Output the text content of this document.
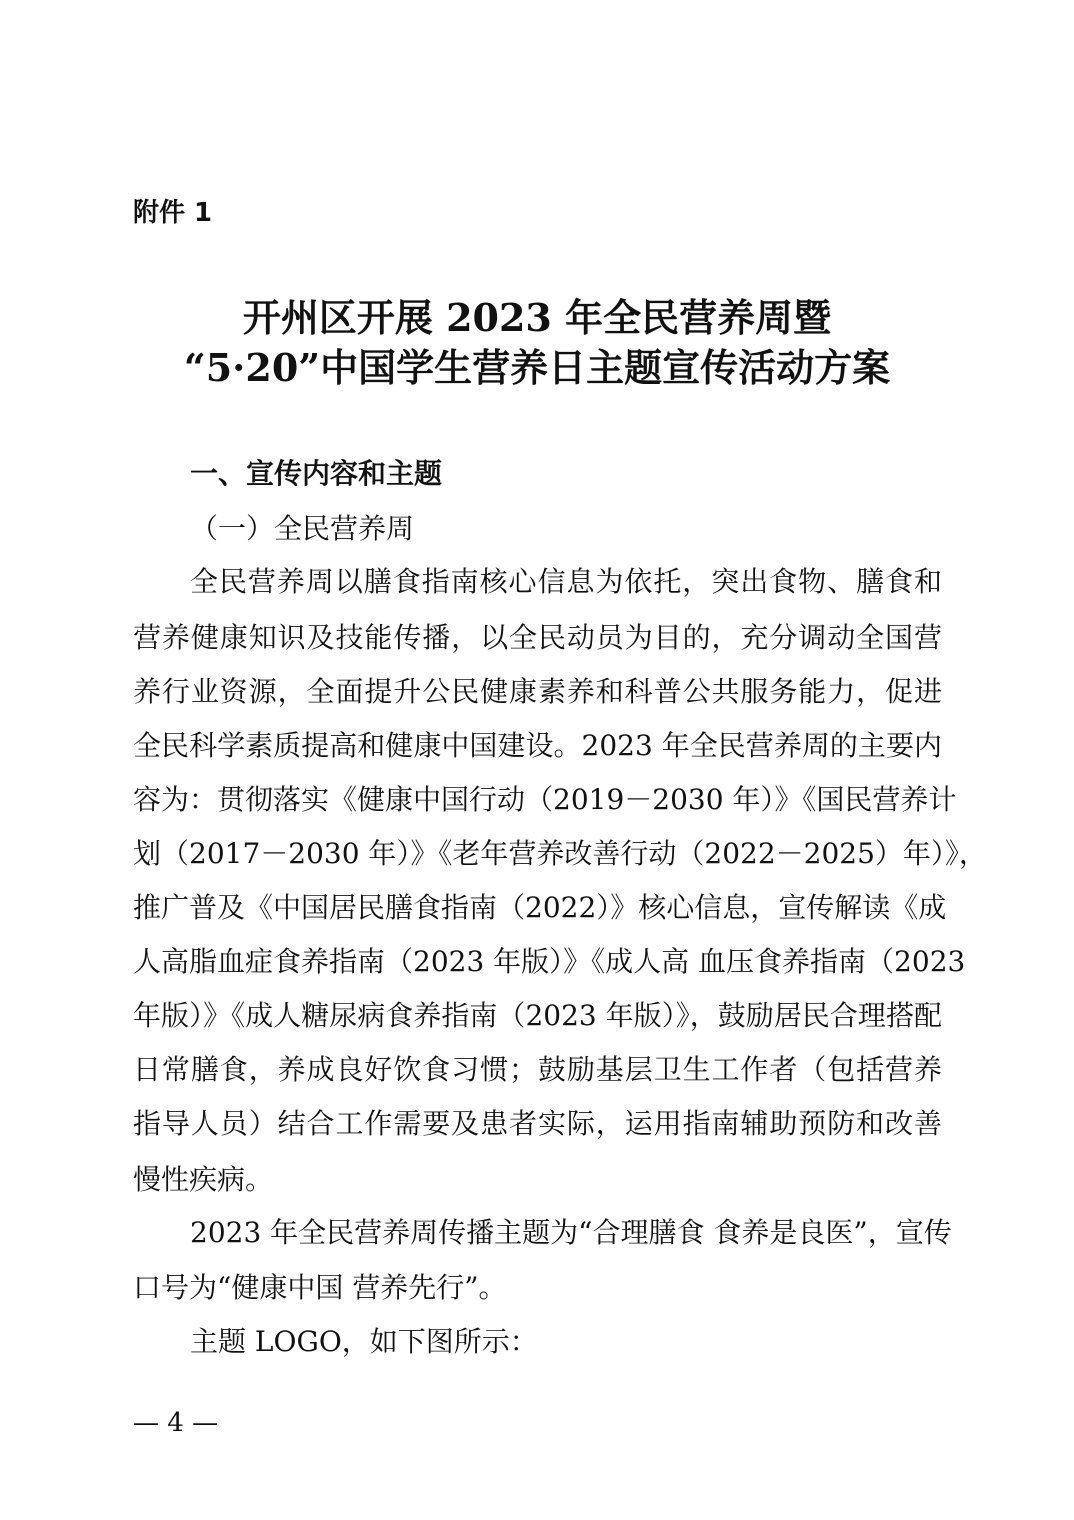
附件 1
开州区开展 2023 年全民营养周暨
“5·20”中国学生营养日主题宣传活动方案
一、宣传内容和主题
（一）全民营养周
全民营养周以膳食指南核心信息为依托，突出食物、膳食和
营养健康知识及技能传播，以全民动员为目的，充分调动全国营
养行业资源，全面提升公民健康素养和科普公共服务能力，促进
全民科学素质提高和健康中国建设。2023 年全民营养周的主要内
容为：贯彻落实《健康中国行动（2019－2030 年）》《国民营养计
划（2017－2030 年）》《老年营养改善行动（2022－2025）年）》，
推广普及《中国居民膳食指南（2022）》核心信息，宣传解读《成
人高脂血症食养指南（2023 年版）》《成人高 血压食养指南（2023
年版）》《成人糖尿病食养指南（2023 年版）》，鼓励居民合理搭配
日常膳食，养成良好饮食习惯；鼓励基层卫生工作者（包括营养
指导人员）结合工作需要及患者实际，运用指南辅助预防和改善
慢性疾病。
2023 年全民营养周传播主题为“合理膳食 食养是良医”，宣传
口号为“健康中国 营养先行”。
主题 LOGO，如下图所示：
— 4 —
